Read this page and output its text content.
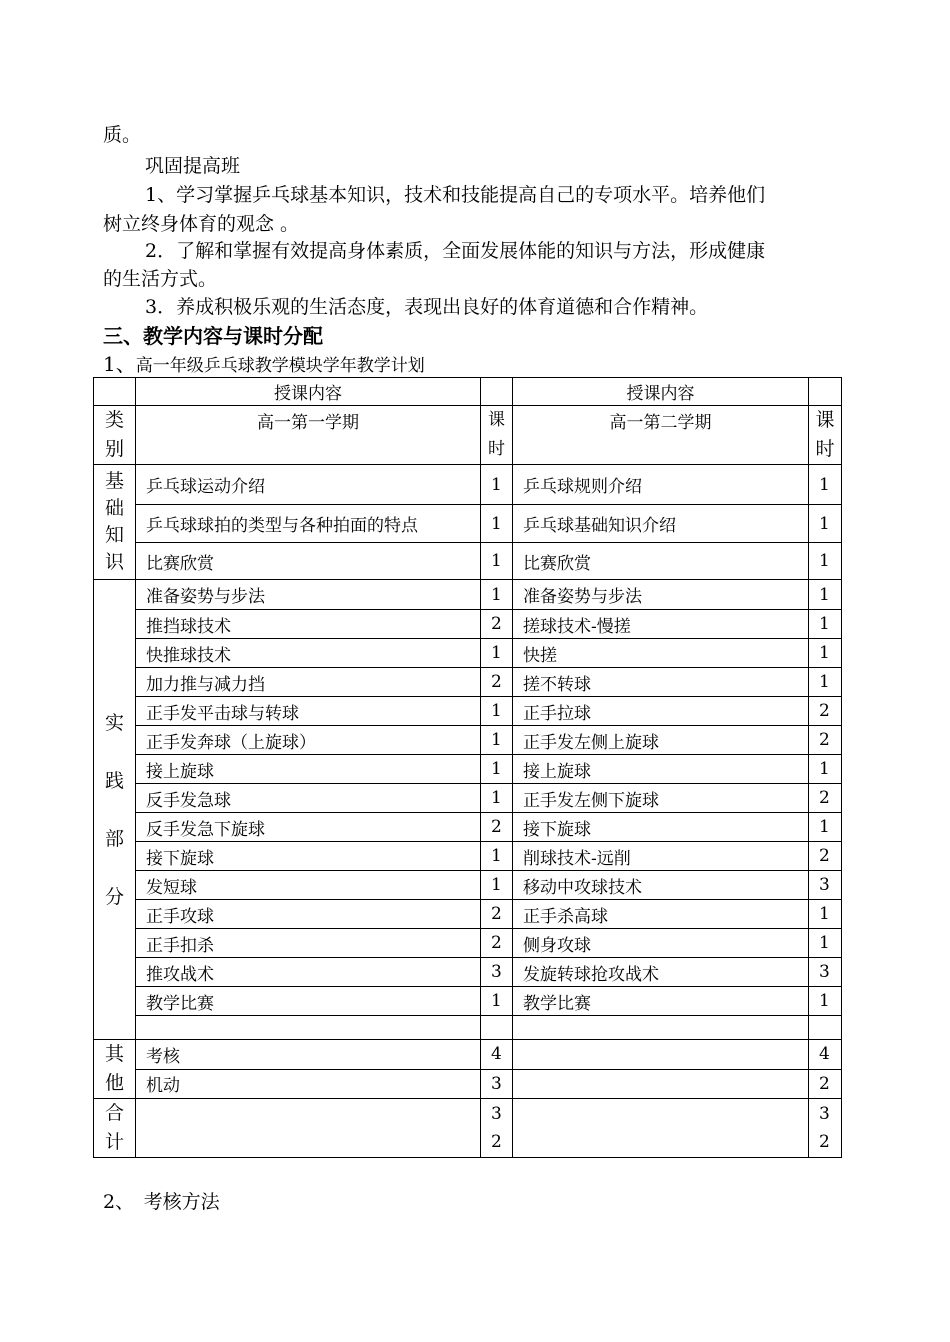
质。
巩固提高班
1、学习掌握乒乓球基本知识，技术和技能提高自己的专项水平。培养他们
树立终身体育的观念 。
2．了解和掌握有效提高身体素质，全面发展体能的知识与方法，形成健康
的生活方式。
3．养成积极乐观的生活态度，表现出良好的体育道德和合作精神。
三、教学内容与课时分配
1、高一年级乒乓球教学模块学年教学计划
	授课内容		授课内容	

类
别	高一第一学期	课时	高一第二学期	课
时

基
础
知
识	乒乓球运动介绍	1	乒乓球规则介绍	1
	乒乓球球拍的类型与各种拍面的特点	1	乒乓球基础知识介绍	1
	比赛欣赏	1	比赛欣赏	1

实
践
部
分	准备姿势与步法	1	准备姿势与步法	1
	推挡球技术	2	搓球技术-慢搓	1
	快推球技术	1	快搓	1
	加力推与减力挡	2	搓不转球	1
	正手发平击球与转球	1	正手拉球	2
	正手发奔球（上旋球）	1	正手发左侧上旋球	2
	接上旋球	1	接上旋球	1
	反手发急球	1	正手发左侧下旋球	2
	反手发急下旋球	2	接下旋球	1
	接下旋球	1	削球技术-远削	2
	发短球	1	移动中攻球技术	3
	正手攻球	2	正手杀高球	1
	正手扣杀	2	侧身攻球	1
	推攻战术	3	发旋转球抢攻战术	3
	教学比赛	1	教学比赛	1

其
他	考核	4		4
	机动	3		2

合
计		32		32
2、　考核方法
